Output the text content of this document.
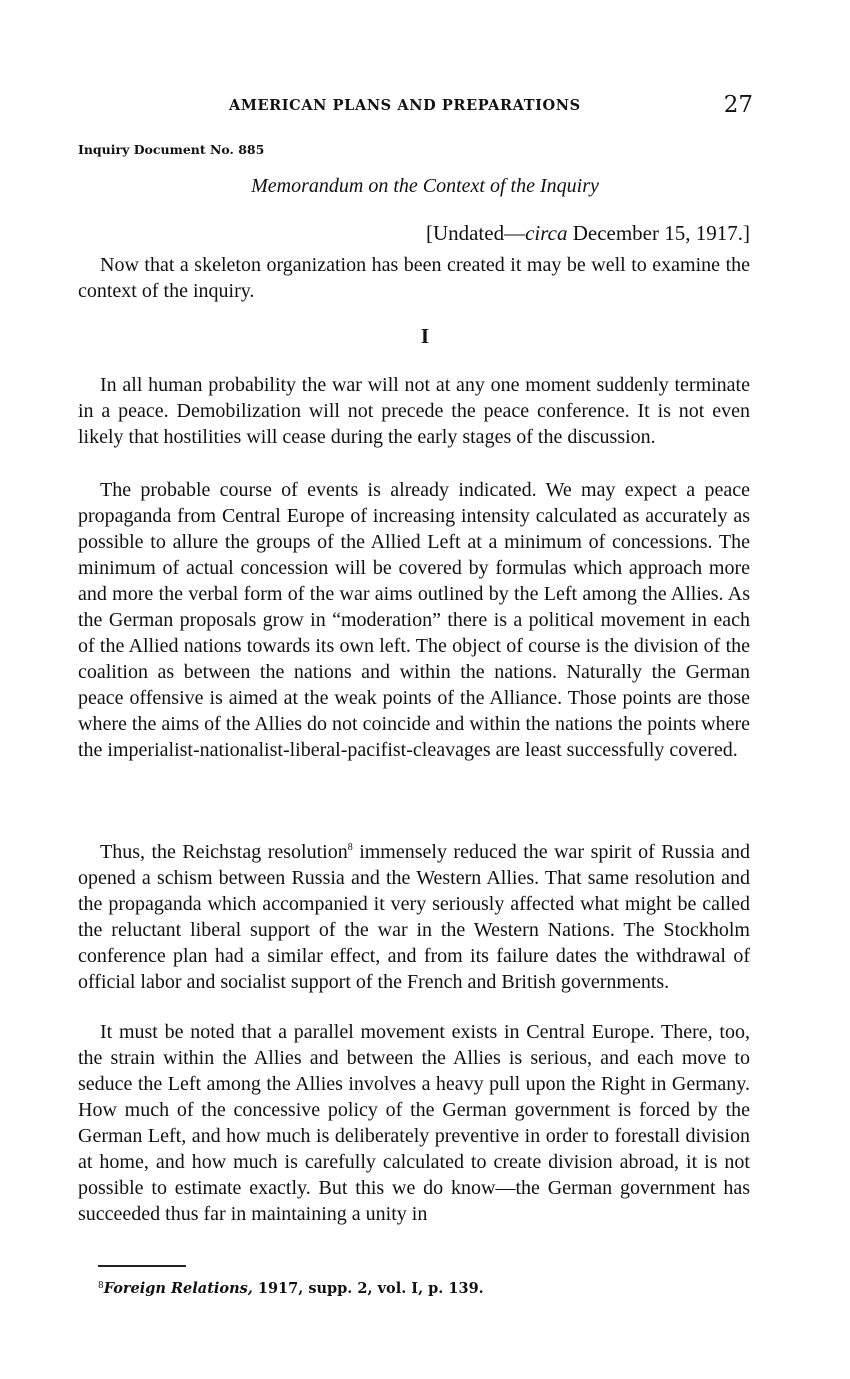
AMERICAN PLANS AND PREPARATIONS	27
Inquiry Document No. 885
Memorandum on the Context of the Inquiry
[Undated—circa December 15, 1917.]

Now that a skeleton organization has been created it may be well to examine the context of the inquiry.

I

In all human probability the war will not at any one moment suddenly terminate in a peace. Demobilization will not precede the peace conference. It is not even likely that hostilities will cease during the early stages of the discussion.

The probable course of events is already indicated. We may expect a peace propaganda from Central Europe of increasing intensity calculated as accurately as possible to allure the groups of the Allied Left at a minimum of concessions. The minimum of actual concession will be covered by formulas which approach more and more the verbal form of the war aims outlined by the Left among the Allies. As the German proposals grow in “moderation” there is a political movement in each of the Allied nations towards its own left. The object of course is the division of the coalition as between the nations and within the nations. Naturally the German peace offensive is aimed at the weak points of the Alliance. Those points are those where the aims of the Allies do not coincide and within the nations the points where the imperialist-nationalist-liberal-pacifist-cleavages are least successfully covered.

Thus, the Reichstag resolution$^8$ immensely reduced the war spirit of Russia and opened a schism between Russia and the Western Allies. That same resolution and the propaganda which accompanied it very seriously affected what might be called the reluctant liberal support of the war in the Western Nations. The Stockholm conference plan had a similar effect, and from its failure dates the withdrawal of official labor and socialist support of the French and British governments.

It must be noted that a parallel movement exists in Central Europe. There, too, the strain within the Allies and between the Allies is serious, and each move to seduce the Left among the Allies involves a heavy pull upon the Right in Germany. How much of the concessive policy of the German government is forced by the German Left, and how much is deliberately preventive in order to forestall division at home, and how much is carefully calculated to create division abroad, it is not possible to estimate exactly. But this we do know—the German government has succeeded thus far in maintaining a unity in

$^8$Foreign Relations, 1917, supp. 2, vol. I, p. 139.
